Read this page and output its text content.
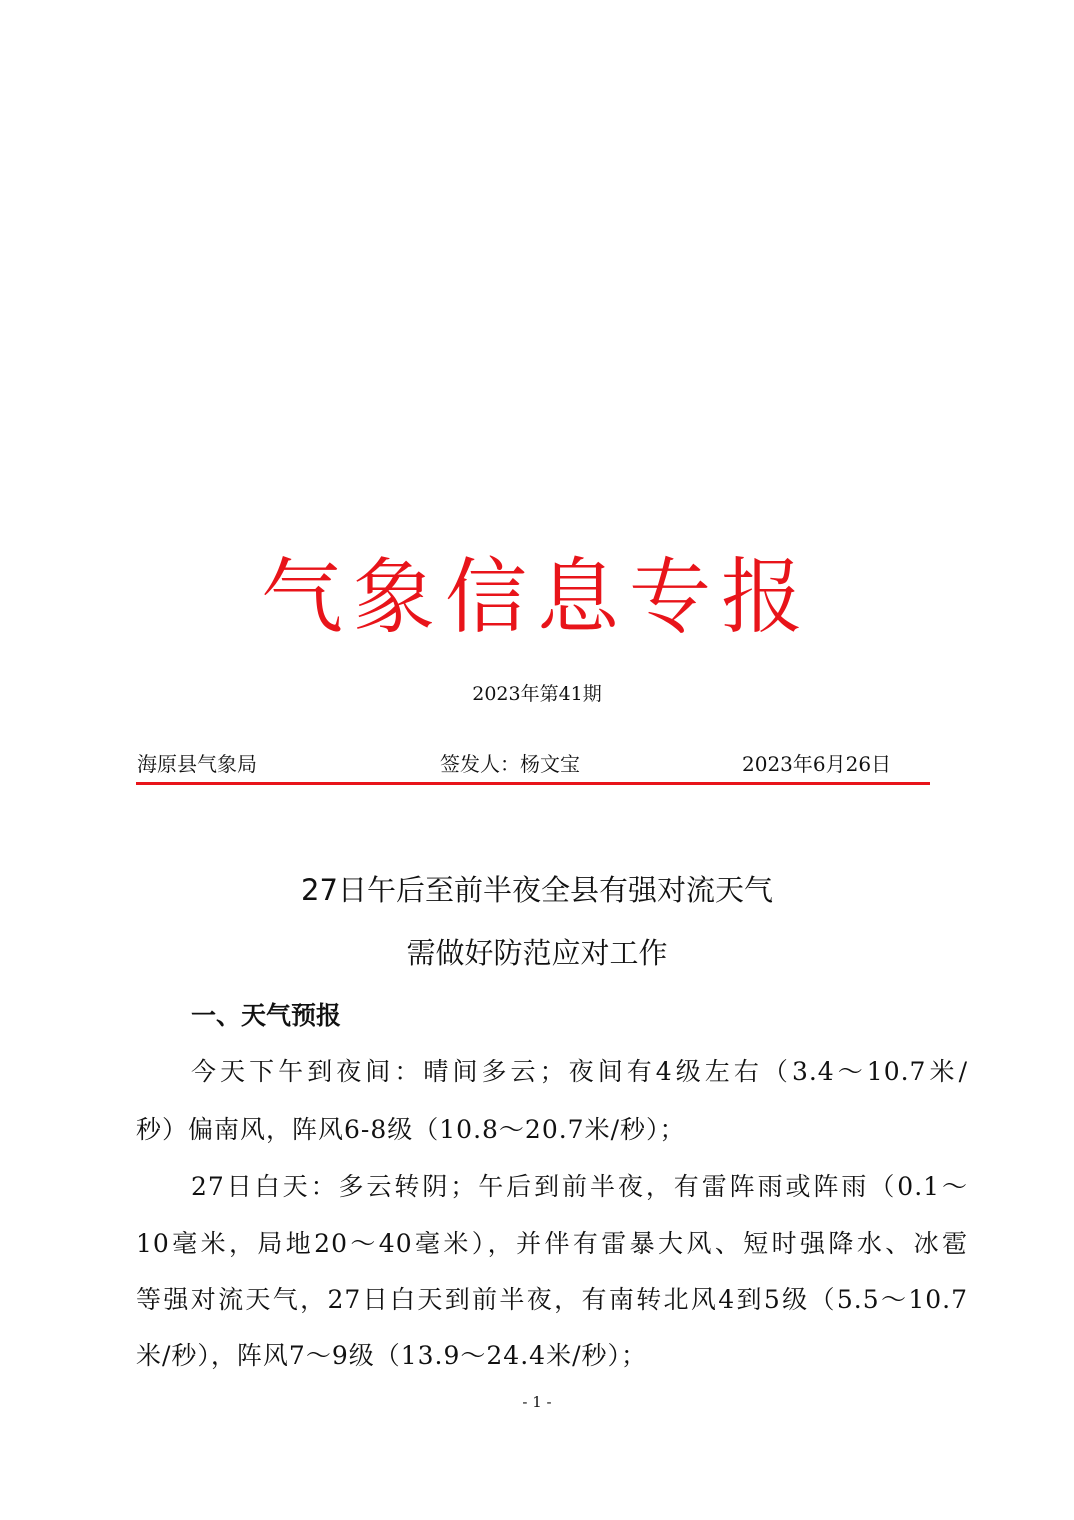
气象信息专报
2023年第41期
海原县气象局	签发人：杨文宝	2023年6月26日
27日午后至前半夜全县有强对流天气
需做好防范应对工作
一、天气预报
今天下午到夜间：晴间多云；夜间有4级左右（3.4～10.7米/
秒）偏南风，阵风6-8级（10.8～20.7米/秒）；
27日白天：多云转阴；午后到前半夜，有雷阵雨或阵雨（0.1～
10毫米，局地20～40毫米），并伴有雷暴大风、短时强降水、冰雹
等强对流天气，27日白天到前半夜，有南转北风4到5级（5.5～10.7
米/秒），阵风7～9级（13.9～24.4米/秒）；
- 1 -
